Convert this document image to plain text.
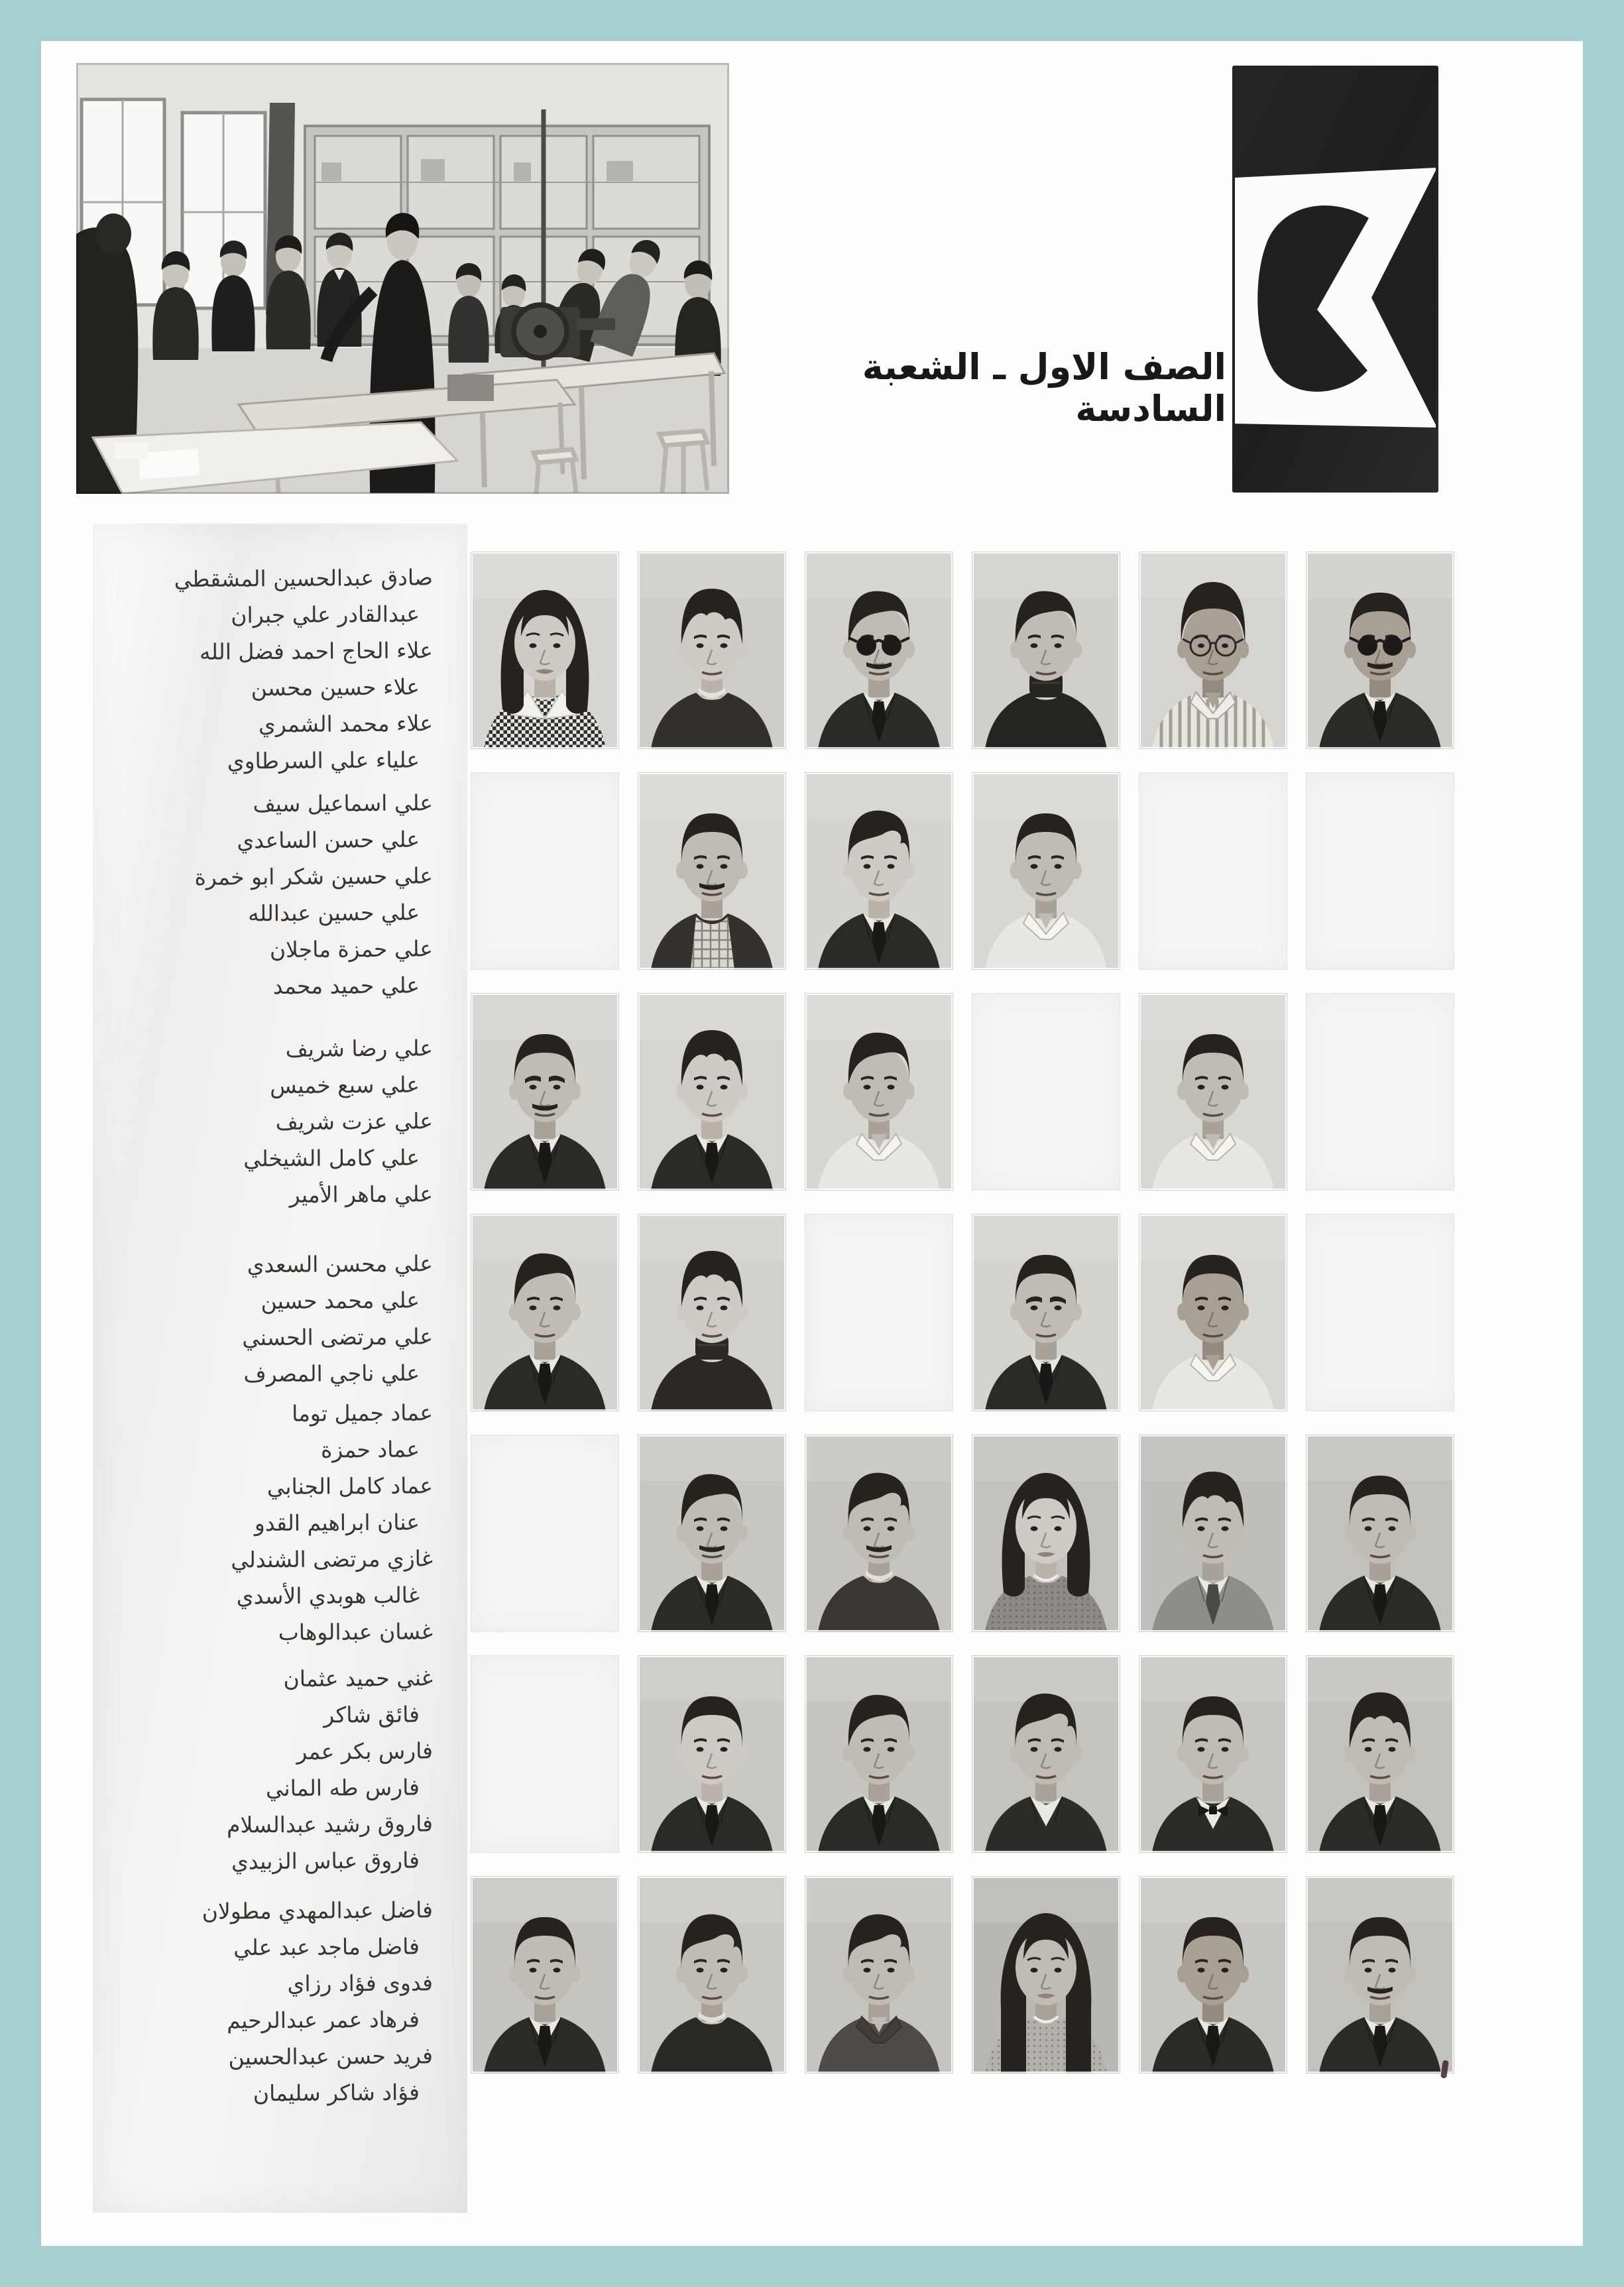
الصف الاول ـ الشعبة السادسة
صادق عبدالحسين المشقطي
عبدالقادر علي جبران
علاء الحاج احمد فضل الله
علاء حسين محسن
علاء محمد الشمري
علياء علي السرطاوي
علي اسماعيل سيف
علي حسن الساعدي
علي حسين شكر ابو خمرة
علي حسين عبدالله
علي حمزة ماجلان
علي حميد محمد
علي رضا شريف
علي سبع خميس
علي عزت شريف
علي كامل الشيخلي
علي ماهر الأمير
علي محسن السعدي
علي محمد حسين
علي مرتضى الحسني
علي ناجي المصرف
عماد جميل توما
عماد حمزة
عماد كامل الجنابي
عنان ابراهيم القدو
غازي مرتضى الشندلي
غالب هوبدي الأسدي
غسان عبدالوهاب
غني حميد عثمان
فائق شاكر
فارس بكر عمر
فارس طه الماني
فاروق رشيد عبدالسلام
فاروق عباس الزبيدي
فاضل عبدالمهدي مطولان
فاضل ماجد عبد علي
فدوى فؤاد رزاي
فرهاد عمر عبدالرحيم
فريد حسن عبدالحسين
فؤاد شاكر سليمان
